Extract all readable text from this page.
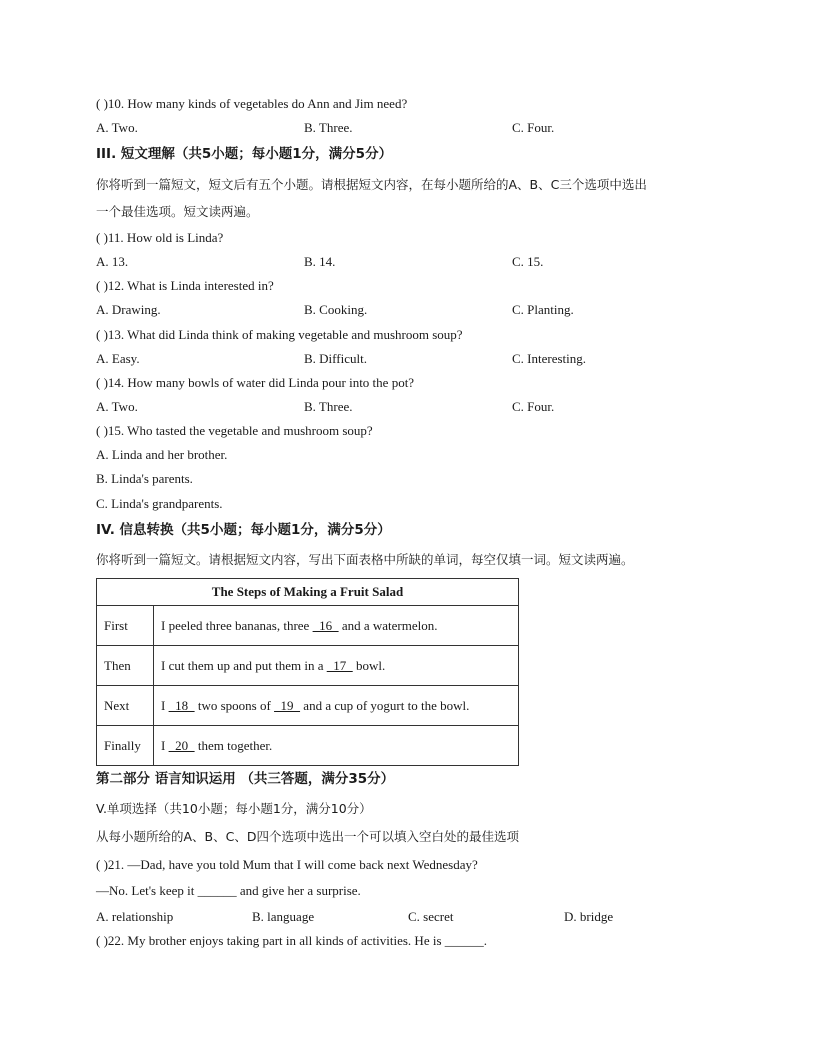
( )10. How many kinds of vegetables do Ann and Jim need?
A. Two.	B. Three.	C. Four.
III. 短文理解（共5小题；每小题1分，满分5分）
你将听到一篇短文，短文后有五个小题。请根据短文内容，在每小题所给的A、B、C三个选项中选出
一个最佳选项。短文读两遍。
( )11. How old is Linda?
A. 13.	B. 14.	C. 15.
( )12. What is Linda interested in?
A. Drawing.	B. Cooking.	C. Planting.
( )13. What did Linda think of making vegetable and mushroom soup?
A. Easy.	B. Difficult.	C. Interesting.
( )14. How many bowls of water did Linda pour into the pot?
A. Two.	B. Three.	C. Four.
( )15. Who tasted the vegetable and mushroom soup?
A. Linda and her brother.
B. Linda's parents.
C. Linda's grandparents.
IV. 信息转换（共5小题；每小题1分，满分5分）
你将听到一篇短文。请根据短文内容，写出下面表格中所缺的单词，每空仅填一词。短文读两遍。
The Steps of Making a Fruit Salad	
First	I peeled three bananas, three   16   and a watermelon.
Then	I cut them up and put them in a   17   bowl.
Next	I   18   two spoons of   19   and a cup of yogurt to the bowl.
Finally	I   20   them together.
第二部分 语言知识运用 （共三答题，满分35分）
V.单项选择（共10小题；每小题1分，满分10分）
从每小题所给的A、B、C、D四个选项中选出一个可以填入空白处的最佳选项
( )21. —Dad, have you told Mum that I will come back next Wednesday?
—No. Let's keep it ______ and give her a surprise.
A. relationship	B. language	C. secret	D. bridge
( )22. My brother enjoys taking part in all kinds of activities. He is ______.
